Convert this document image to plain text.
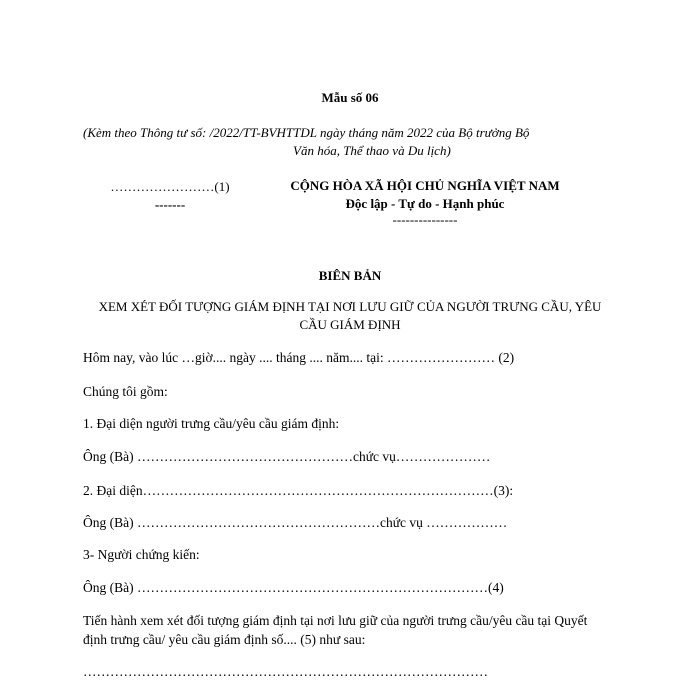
Mẫu số 06
(Kèm theo Thông tư số: /2022/TT-BVHTTDL ngày tháng năm 2022 của Bộ trưởng Bộ
Văn hóa, Thể thao và Du lịch)
……………………(1)
-------
CỘNG HÒA XÃ HỘI CHỦ NGHĨA VIỆT NAM
Độc lập - Tự do - Hạnh phúc
---------------
BIÊN BẢN
XEM XÉT ĐỐI TƯỢNG GIÁM ĐỊNH TẠI NƠI LƯU GIỮ CỦA NGƯỜI TRƯNG CẦU, YÊU
CẦU GIÁM ĐỊNH
Hôm nay, vào lúc …giờ.... ngày .... tháng .... năm.... tại: …………………… (2)
Chúng tôi gồm:
1. Đại diện người trưng cầu/yêu cầu giám định:
Ông (Bà) …………………………………………chức vụ…………………
2. Đại diện……………………………………………………………………(3):
Ông (Bà) ………………………………………………chức vụ ………………
3- Người chứng kiến:
Ông (Bà) ……………………………………………………………………(4)
Tiến hành xem xét đối tượng giám định tại nơi lưu giữ của người trưng cầu/yêu cầu tại Quyết
định trưng cầu/ yêu cầu giám định số.... (5) như sau:
………………………………………………………………………………
